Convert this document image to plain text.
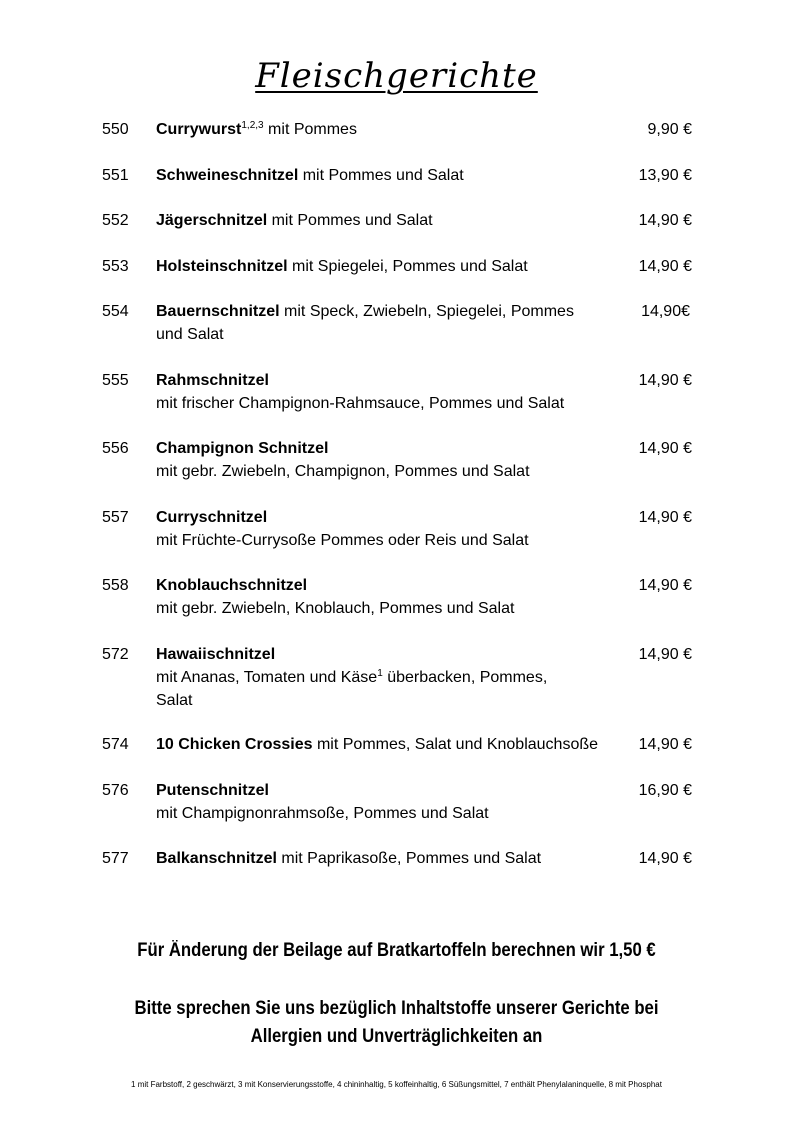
Fleischgerichte
550 Currywurst$^{1,2,3}$ mit Pommes	9,90 €
551 Schweineschnitzel mit Pommes und Salat	13,90 €
552 Jägerschnitzel mit Pommes und Salat	14,90 €
553 Holsteinschnitzel mit Spiegelei, Pommes und Salat	14,90 €
554 Bauernschnitzel mit Speck, Zwiebeln, Spiegelei, Pommes und Salat
14,90€
555 Rahmschnitzel
mit frischer Champignon-Rahmsauce, Pommes und Salat
14,90 €
556 Champignon Schnitzel
mit gebr. Zwiebeln, Champignon, Pommes und Salat
14,90 €
557 Curryschnitzel
mit Früchte-Currysoße Pommes oder Reis und Salat
14,90 €
558 Knoblauchschnitzel
mit gebr. Zwiebeln, Knoblauch, Pommes und Salat
14,90 €
572 Hawaiischnitzel
mit Ananas, Tomaten und Käse$^1$ überbacken, Pommes, Salat
14,90 €
574 10 Chicken Crossies mit Pommes, Salat und Knoblauchsoße	14,90 €
576 Putenschnitzel
mit Champignonrahmsoße, Pommes und Salat
16,90 €
577 Balkanschnitzel mit Paprikasoße, Pommes und Salat	14,90 €
Für Änderung der Beilage auf Bratkartoffeln berechnen wir 1,50 €
Bitte sprechen Sie uns bezüglich Inhaltstoffe unserer Gerichte bei Allergien und Unverträglichkeiten an
1 mit Farbstoff, 2 geschwärzt, 3 mit Konservierungsstoffe, 4 chininhaltig, 5 koffeinhaltig, 6 Süßungsmittel, 7 enthält Phenylalaninquelle, 8 mit Phosphat
